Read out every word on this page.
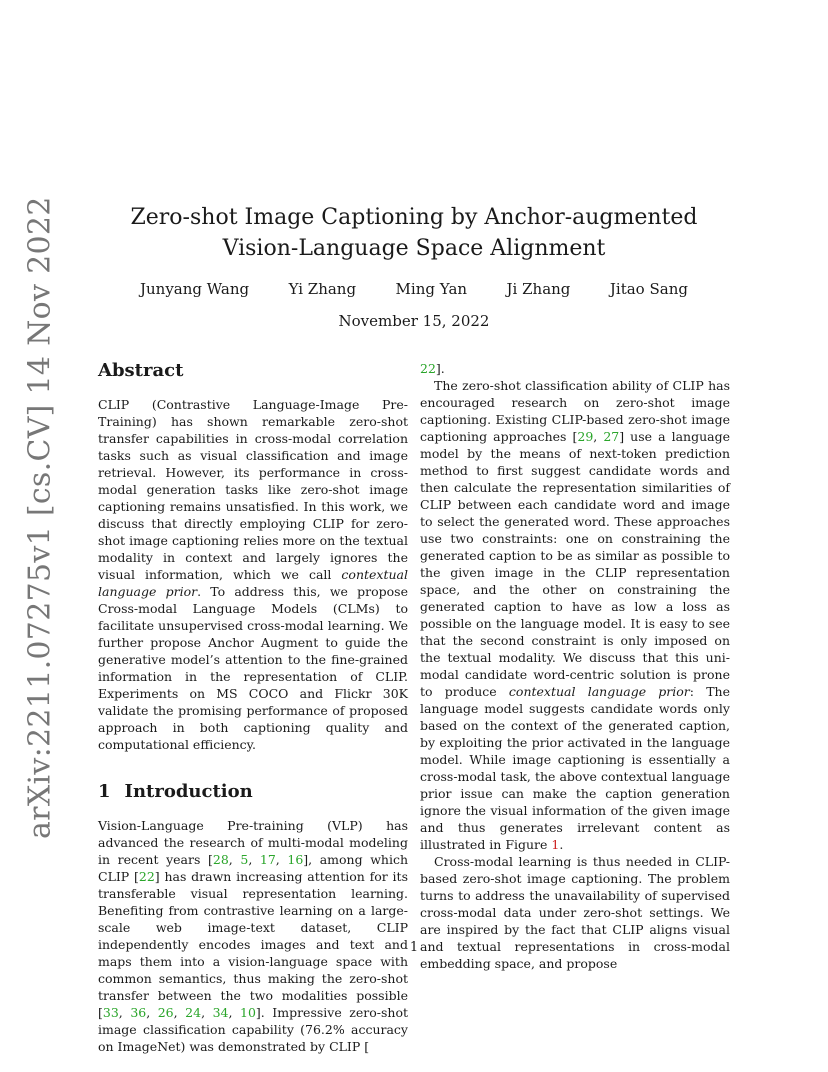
arXiv:2211.07275v1 [cs.CV] 14 Nov 2022	Zero-shot Image Captioning by Anchor-augmented
Vision-Language Space Alignment
Junyang Wang	Yi Zhang	Ming Yan	Ji Zhang	Jitao Sang
November 15, 2022
Abstract

CLIP (Contrastive Language-Image Pre-Training) has shown remarkable zero-shot transfer capabilities in cross-modal correlation tasks such as visual classification and image retrieval. However, its performance in cross-modal generation tasks like zero-shot image captioning remains unsatisfied. In this work, we discuss that directly employing CLIP for zero-shot image captioning relies more on the textual modality in context and largely ignores the visual information, which we call contextual language prior. To address this, we propose Cross-modal Language Models (CLMs) to facilitate unsupervised cross-modal learning. We further propose Anchor Augment to guide the generative model’s attention to the fine-grained information in the representation of CLIP. Experiments on MS COCO and Flickr 30K validate the promising performance of proposed approach in both captioning quality and computational efficiency.

1 Introduction

Vision-Language Pre-training (VLP) has advanced the research of multi-modal modeling in recent years [28, 5, 17, 16], among which CLIP [22] has drawn increasing attention for its transferable visual representation learning. Benefiting from contrastive learning on a large-scale web image-text dataset, CLIP independently encodes images and text and maps them into a vision-language space with common semantics, thus making the zero-shot transfer between the two modalities possible [33, 36, 26, 24, 34, 10]. Impressive zero-shot image classification capability (76.2% accuracy on ImageNet) was demonstrated by CLIP [

22].

The zero-shot classification ability of CLIP has encouraged research on zero-shot image captioning. Existing CLIP-based zero-shot image captioning approaches [29, 27] use a language model by the means of next-token prediction method to first suggest candidate words and then calculate the representation similarities of CLIP between each candidate word and image to select the generated word. These approaches use two constraints: one on constraining the generated caption to be as similar as possible to the given image in the CLIP representation space, and the other on constraining the generated caption to have as low a loss as possible on the language model. It is easy to see that the second constraint is only imposed on the textual modality. We discuss that this uni-modal candidate word-centric solution is prone to produce contextual language prior: The language model suggests candidate words only based on the context of the generated caption, by exploiting the prior activated in the language model. While image captioning is essentially a cross-modal task, the above contextual language prior issue can make the caption generation ignore the visual information of the given image and thus generates irrelevant content as illustrated in Figure 1.

Cross-modal learning is thus needed in CLIP-based zero-shot image captioning. The problem turns to address the unavailability of supervised cross-modal data under zero-shot settings. We are inspired by the fact that CLIP aligns visual and textual representations in cross-modal embedding space, and propose

1
